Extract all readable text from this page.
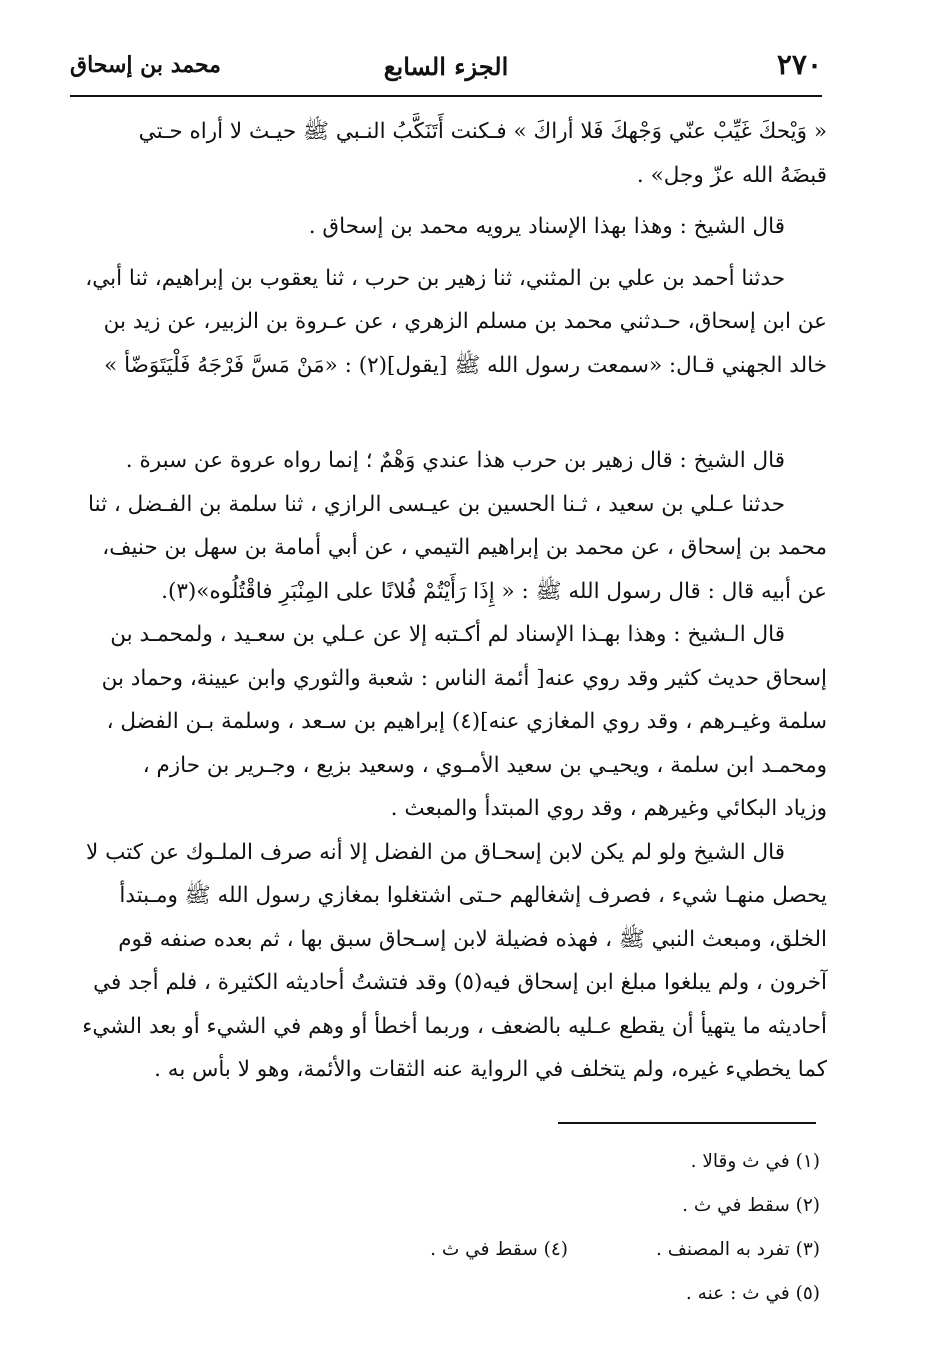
٢٧٠
الجزء السابع
محمد بن إسحاق

« وَيْحكَ غَيِّبْ عنّي وَجْهكَ فَلا أراكَ » فـكنت أَتَنَكَّبُ النـبي ﷺ حيـث لا أراه حـتي

قبضَهُ الله عزّ وجل» .

قال الشيخ : وهذا بهذا الإسناد يرويه محمد بن إسحاق .

حدثنا أحمد بن علي بن المثني، ثنا زهير بن حرب ، ثنا يعقوب بن إبراهيم، ثنا أبي،

عن ابن إسحاق، حـدثني محمد بن مسلم الزهري ، عن عـروة بن الزبير، عن زيد بن

خالد الجهني قـال: «سمعت رسول الله ﷺ [يقول](٢) : «مَنْ مَسَّ فَرْجَهُ فَلْيَتَوَضّأ »

قال الشيخ : قال زهير بن حرب هذا عندي وَهْمٌ ؛ إنما رواه عروة عن سبرة .

حدثنا عـلي بن سعيد ، ثـنا الحسين بن عيـسى الرازي ، ثنا سلمة بن الفـضل ، ثنا

محمد بن إسحاق ، عن محمد بن إبراهيم التيمي ، عن أبي أمامة بن سهل بن حنيف،

عن أبيه قال : قال رسول الله ﷺ : « إِذَا رَأَيْتُمْ فُلانًا على المِنْبَرِ فاقْتُلُوه»(٣).

قال الـشيخ : وهذا بهـذا الإسناد لم أكـتبه إلا عن عـلي بن سعـيد ، ولمحمـد بن

إسحاق حديث كثير وقد روي عنه[ أئمة الناس : شعبة والثوري وابن عيينة، وحماد بن

سلمة وغيـرهم ، وقد روي المغازي عنه](٤) إبراهيم بن سـعد ، وسلمة بـن الفضل ،

ومحمـد ابن سلمة ، ويحيـي بن سعيد الأمـوي ، وسعيد بزيع ، وجـرير بن حازم ،

وزياد البكائي وغيرهم ، وقد روي المبتدأ والمبعث .

قال الشيخ ولو لم يكن لابن إسحـاق من الفضل إلا أنه صرف الملـوك عن كتب لا

يحصل منهـا شيء ، فصرف إشغالهم حـتى اشتغلوا بمغازي رسول الله ﷺ ومـبتدأ

الخلق، ومبعث النبي ﷺ ، فهذه فضيلة لابن إسـحاق سبق بها ، ثم بعده صنفه قوم

آخرون ، ولم يبلغوا مبلغ ابن إسحاق فيه(٥) وقد فتشتُ أحاديثه الكثيرة ، فلم أجد في

أحاديثه ما يتهيأ أن يقطع عـليه بالضعف ، وربما أخطأ أو وهم في الشيء أو بعد الشيء

كما يخطيء غيره، ولم يتخلف في الرواية عنه الثقات والأئمة، وهو لا بأس به .

(١) في ث وقالا .
(٢) سقط في ث .
(٣) تفرد به المصنف .
(٤) سقط في ث .
(٥) في ث : عنه .
